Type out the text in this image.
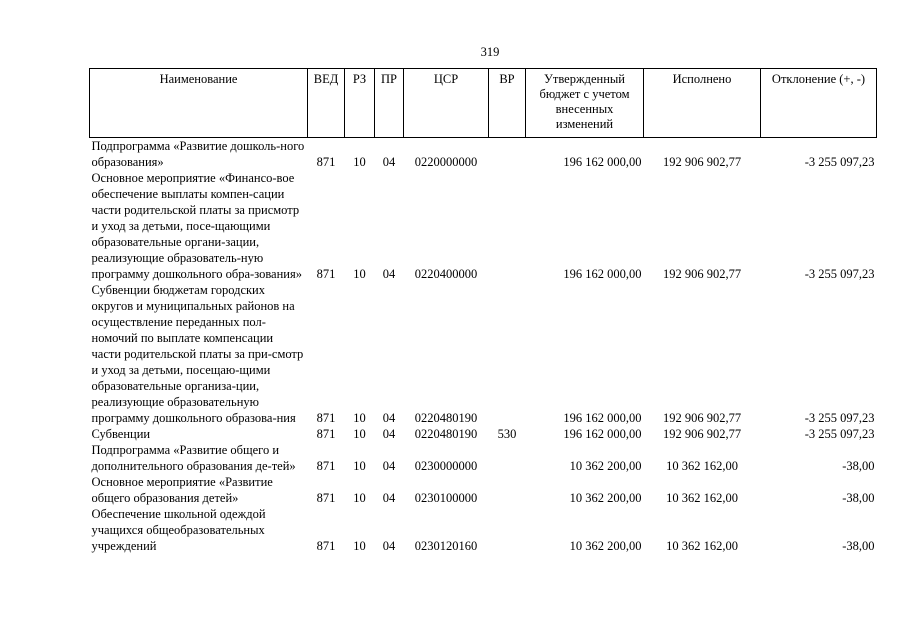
319
Наименование	ВЕД	РЗ	ПР	ЦСР	ВР	Утвержденный бюджет с учетом внесенных изменений	Исполнено	Отклонение (+, -)
Подпрограмма «Развитие дошколь-ного образования»	871	10	04	0220000000		196 162 000,00	192 906 902,77	-3 255 097,23
Основное мероприятие «Финансо-вое обеспечение выплаты компен-сации части родительской платы за присмотр и уход за детьми, посе-щающими образовательные органи-зации, реализующие образователь-ную программу дошкольного обра-зования»	871	10	04	0220400000		196 162 000,00	192 906 902,77	-3 255 097,23
Субвенции бюджетам городских округов и муниципальных районов на осуществление переданных пол-номочий по выплате компенсации части родительской платы за при-смотр и уход за детьми, посещаю-щими образовательные организа-ции, реализующие образовательную программу дошкольного образова-ния	871	10	04	0220480190		196 162 000,00	192 906 902,77	-3 255 097,23
Субвенции	871	10	04	0220480190	530	196 162 000,00	192 906 902,77	-3 255 097,23
Подпрограмма «Развитие общего и дополнительного образования де-тей»	871	10	04	0230000000		10 362 200,00	10 362 162,00	-38,00
Основное мероприятие «Развитие общего образования детей»	871	10	04	0230100000		10 362 200,00	10 362 162,00	-38,00
Обеспечение школьной одеждой учащихся общеобразовательных учреждений	871	10	04	0230120160		10 362 200,00	10 362 162,00	-38,00
